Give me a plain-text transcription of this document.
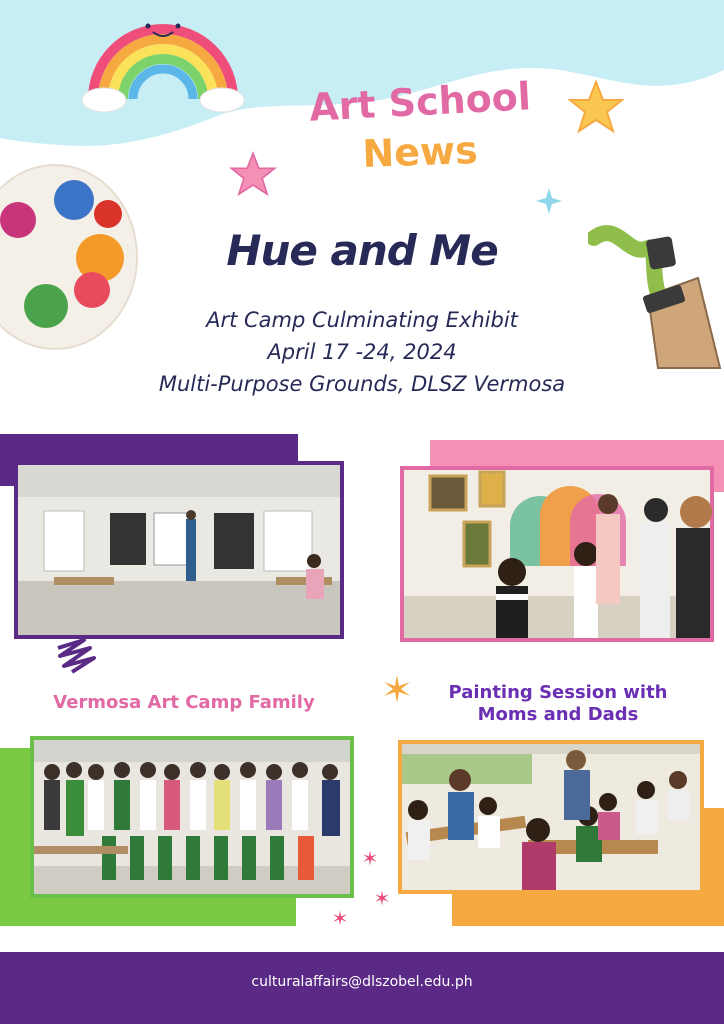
Art School
News
Hue and Me
Art Camp Culminating Exhibit
April 17 -24, 2024
Multi-Purpose Grounds, DLSZ Vermosa
Vermosa Art Camp Family	Painting Session with
Moms and Dads
culturalaffairs@dlszobel.edu.ph
